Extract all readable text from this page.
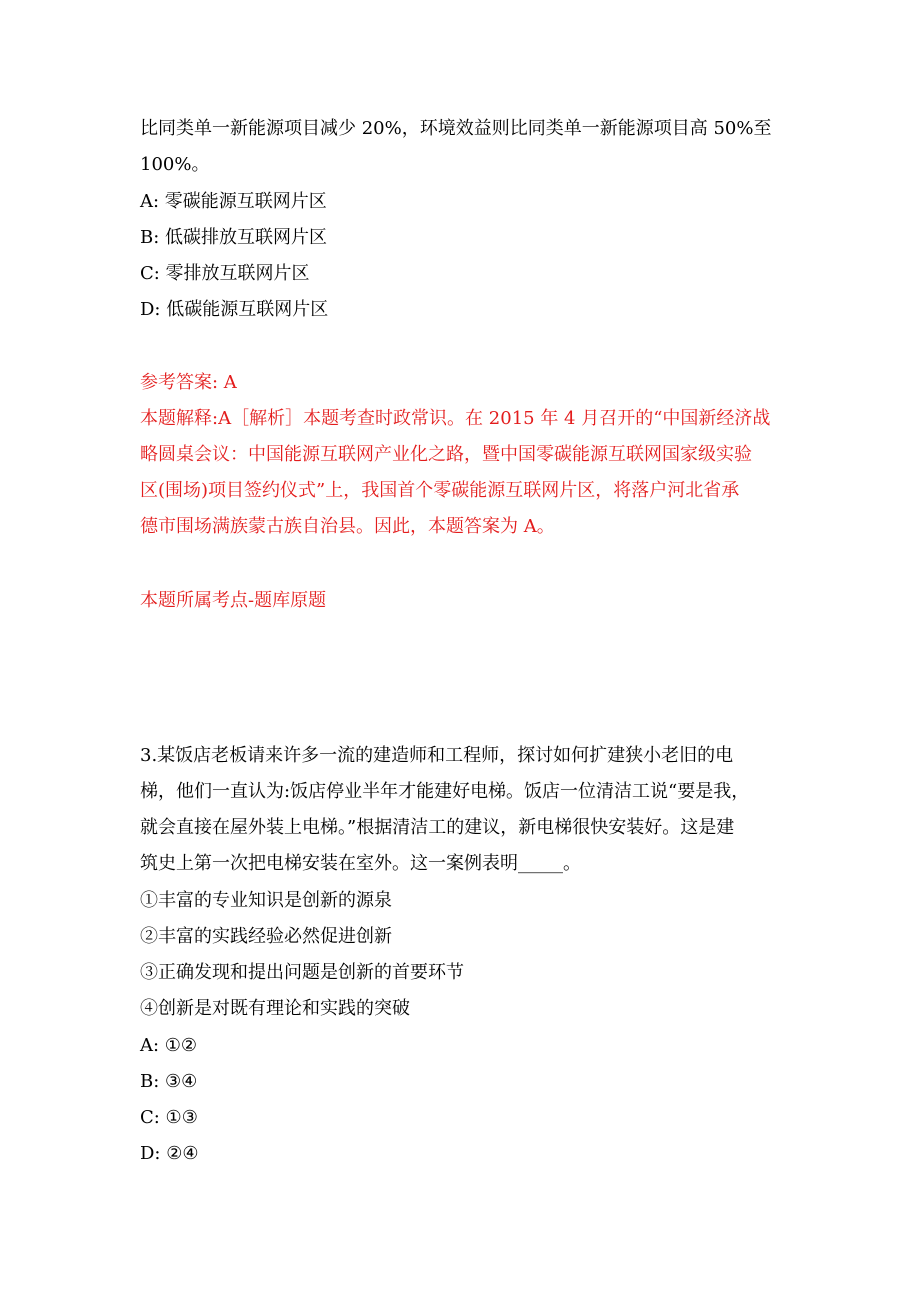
比同类单一新能源项目减少 20%，环境效益则比同类单一新能源项目高 50%至
100%。
A: 零碳能源互联网片区
B: 低碳排放互联网片区
C: 零排放互联网片区
D: 低碳能源互联网片区
参考答案: A
本题解释:A［解析］本题考查时政常识。在 2015 年 4 月召开的“中国新经济战
略圆桌会议：中国能源互联网产业化之路，暨中国零碳能源互联网国家级实验
区(围场)项目签约仪式”上，我国首个零碳能源互联网片区，将落户河北省承
德市围场满族蒙古族自治县。因此，本题答案为 A。
本题所属考点-题库原题
3.某饭店老板请来许多一流的建造师和工程师，探讨如何扩建狭小老旧的电
梯，他们一直认为:饭店停业半年才能建好电梯。饭店一位清洁工说“要是我，
就会直接在屋外装上电梯。”根据清洁工的建议，新电梯很快安装好。这是建
筑史上第一次把电梯安装在室外。这一案例表明_____。
①丰富的专业知识是创新的源泉
②丰富的实践经验必然促进创新
③正确发现和提出问题是创新的首要环节
④创新是对既有理论和实践的突破
A: ①②
B: ③④
C: ①③
D: ②④
